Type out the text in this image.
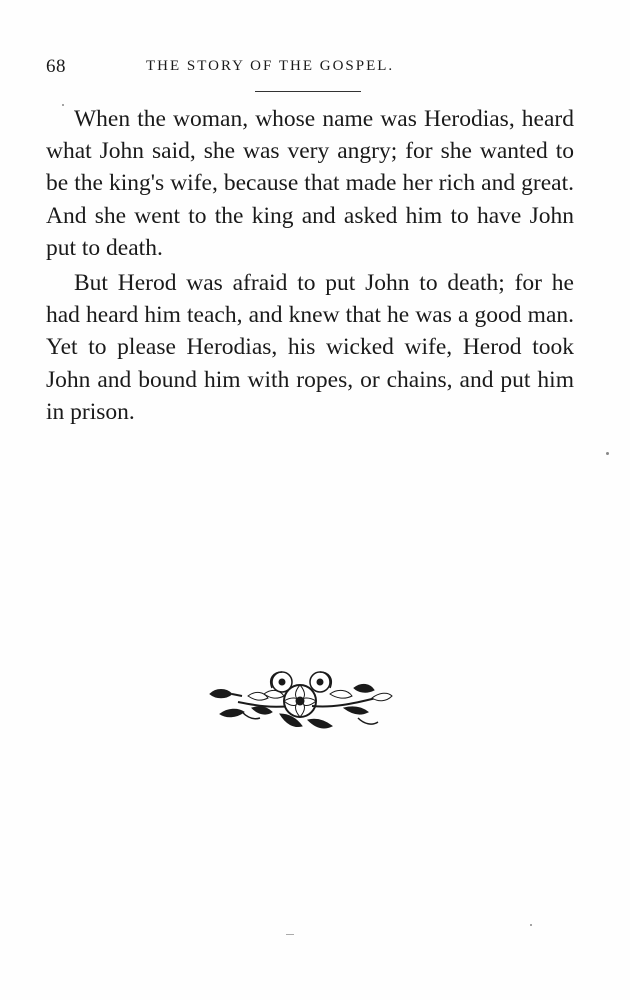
68	THE STORY OF THE GOSPEL.

When the woman, whose name was Herodias, heard what John said, she was very angry; for she wanted to be the king's wife, because that made her rich and great. And she went to the king and asked him to have John put to death.

But Herod was afraid to put John to death; for he had heard him teach, and knew that he was a good man. Yet to please Herodias, his wicked wife, Herod took John and bound him with ropes, or chains, and put him in prison.
